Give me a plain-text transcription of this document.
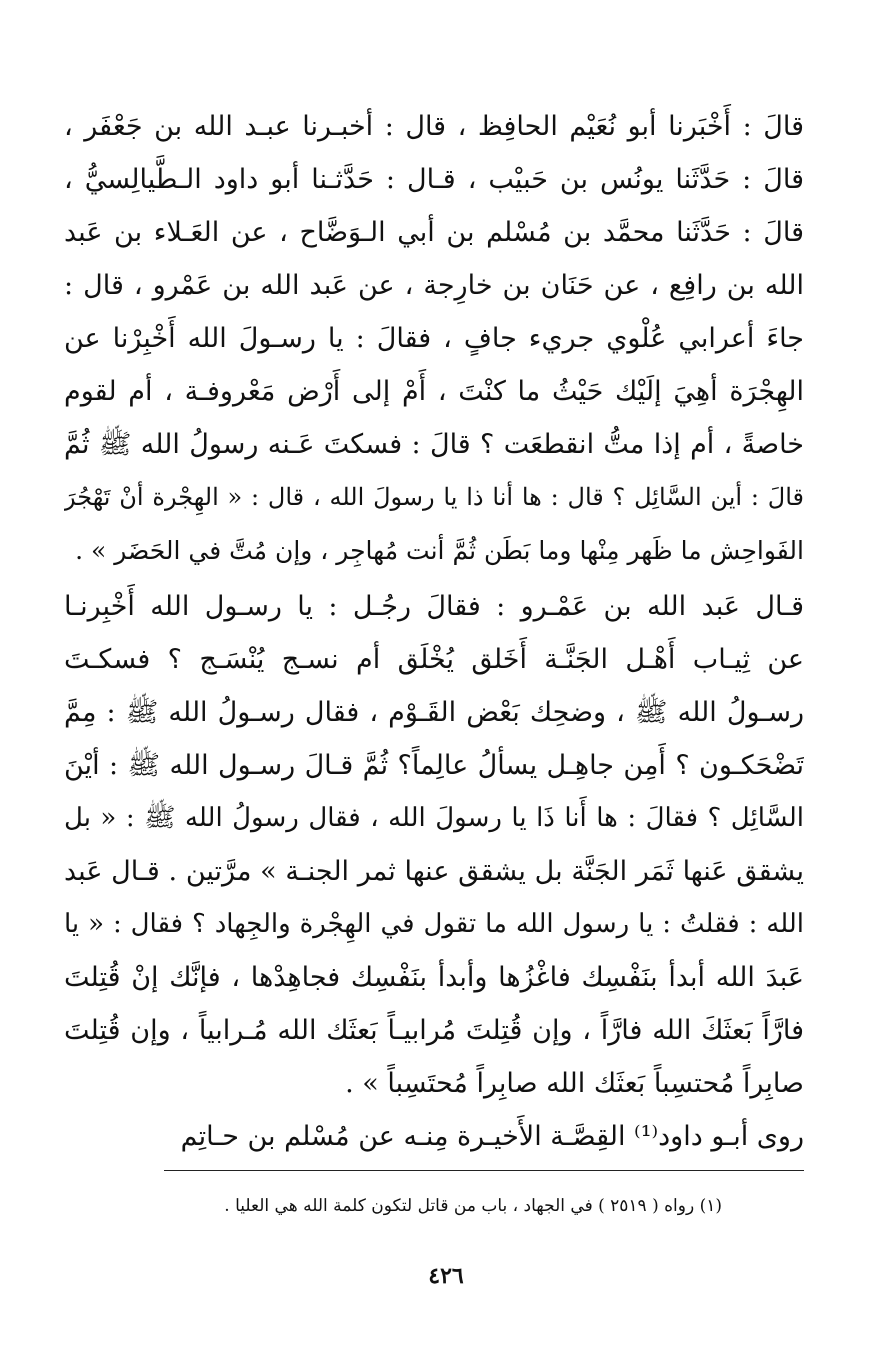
قالَ : أَخْبَرنا أبو نُعَيْم الحافِظ ، قال : أخبـرنا عبـد الله بن جَعْفَر ،
قالَ : حَدَّثَنا يونُس بن حَبيْب ، قـال : حَدَّثـنا أبو داود الـطَّيالِسيُّ ،
قالَ : حَدَّثَنا محمَّد بن مُسْلم بن أبي الـوَضَّاح ، عن العَـلاء بن عَبد
الله بن رافِع ، عن حَنَان بن خارِجة ، عن عَبد الله بن عَمْرو ، قال :
جاءَ أعرابي عُلْوي جريء جافٍ ، فقالَ : يا رسـولَ الله أَخْبِرْنا عن
الهِجْرَة أهِيَ إلَيْك حَيْثُ ما كنْتَ ، أَمْ إلى أَرْض مَعْروفـة ، أم لقوم
خاصةً ، أم إذا متُّ انقطعَت ؟ قالَ : فسكتَ عَـنه رسولُ الله ﷺ ثُمَّ
قالَ : أين السَّائِل ؟ قال : ها أنا ذا يا رسولَ الله ، قال : « الهِجْرة أنْ تَهْجُرَ
الفَواحِش ما ظَهر مِنْها وما بَطَن ثُمَّ أنت مُهاجِر ، وإن مُتَّ في الحَضَر » .
قـال عَبد الله بن عَمْـرو : فقالَ رجُـل : يا رسـول الله أَخْبِرنـا
عن ثِيـاب أَهْـل الجَنَّـة أَخَلق يُخْلَق أم نسـج يُنْسَـج ؟ فسكـتَ
رسـولُ الله ﷺ ، وضحِك بَعْض القَـوْم ، فقال رسـولُ الله ﷺ : مِمَّ
تَضْحَكـون ؟ أَمِن جاهِـل يسألُ عالِماً؟ ثُمَّ قـالَ رسـول الله ﷺ : أيْنَ
السَّائِل ؟ فقالَ : ها أَنا ذَا يا رسولَ الله ، فقال رسولُ الله ﷺ : « بل
يشقق عَنها ثَمَر الجَنَّة بل يشقق عنها ثمر الجنـة » مرَّتين . قـال عَبد
الله : فقلتُ : يا رسول الله ما تقول في الهِجْرة والجِهاد ؟ فقال : « يا
عَبدَ الله أبدأ بنَفْسِك فاغْزُها وأبدأ بنَفْسِك فجاهِدْها ، فإنَّك إنْ قُتِلتَ
فارَّاً بَعثَكَ الله فارَّاً ، وإن قُتِلتَ مُرابيـاً بَعثَك الله مُـرابياً ، وإن قُتِلتَ
صابِراً مُحتسِباً بَعثَك الله صابِراً مُحتَسِباً » .
روى أبـو داود⁽¹⁾ القِصَّـة الأَخيـرة مِنـه عن مُسْلم بن حـاتِم
(١) رواه ( ٢٥١٩ ) في الجهاد ، باب من قاتل لتكون كلمة الله هي العليا .
٤٢٦
